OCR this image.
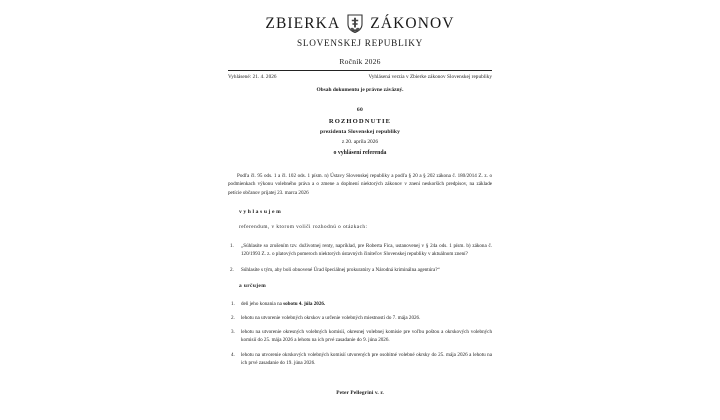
ZBIERKA ZÁKONOV
SLOVENSKEJ REPUBLIKY
Ročník 2026
Vyhlásené: 21. 4. 2026	Vyhlásená verzia v Zbierke zákonov Slovenskej republiky
Obsah dokumentu je právne záväzný.
60
ROZHODNUTIE
prezidenta Slovenskej republiky
z 20. apríla 2026
o vyhlásení referenda

Podľa čl. 95 ods. 1 a čl. 102 ods. 1 písm. n) Ústavy Slovenskej republiky a podľa § 20 a § 202 zákona č. 180/2014 Z. z. o podmienkach výkonu volebného práva a o zmene a doplnení niektorých zákonov v znení neskorších predpisov, na základe petície občanov prijatej 23. marca 2026

vyhlasujem
referendum, v ktorom voliči rozhodnú o otázkach:
1. „Súhlasíte so zrušením tzv. doživotnej renty, napríklad, pre Roberta Fica, ustanovenej v § 24a ods. 1 písm. b) zákona č. 120/1993 Z. z. o platových pomeroch niektorých ústavných činiteľov Slovenskej republiky v aktuálnom znení?
2. Súhlasíte s tým, aby boli obnovené Úrad špeciálnej prokuratúry a Národná kriminálna agentúra?“
a určujem
1. deň jeho konania na sobotu 4. júla 2026.
2. lehotu na utvorenie volebných okrskov a určenie volebných miestností do 7. mája 2026.
3. lehotu na utvorenie okresných volebných komisií, okresnej volebnej komisie pre voľbu poštou a okrskových volebných komisií do 25. mája 2026 a lehotu na ich prvé zasadanie do 9. júna 2026.
4. lehotu na utvorenie okrskových volebných komisií utvorených pre osobitné volebné okrsky do 25. mája 2026 a lehotu na ich prvé zasadanie do 19. júna 2026.
Peter Pellegrini v. r.
